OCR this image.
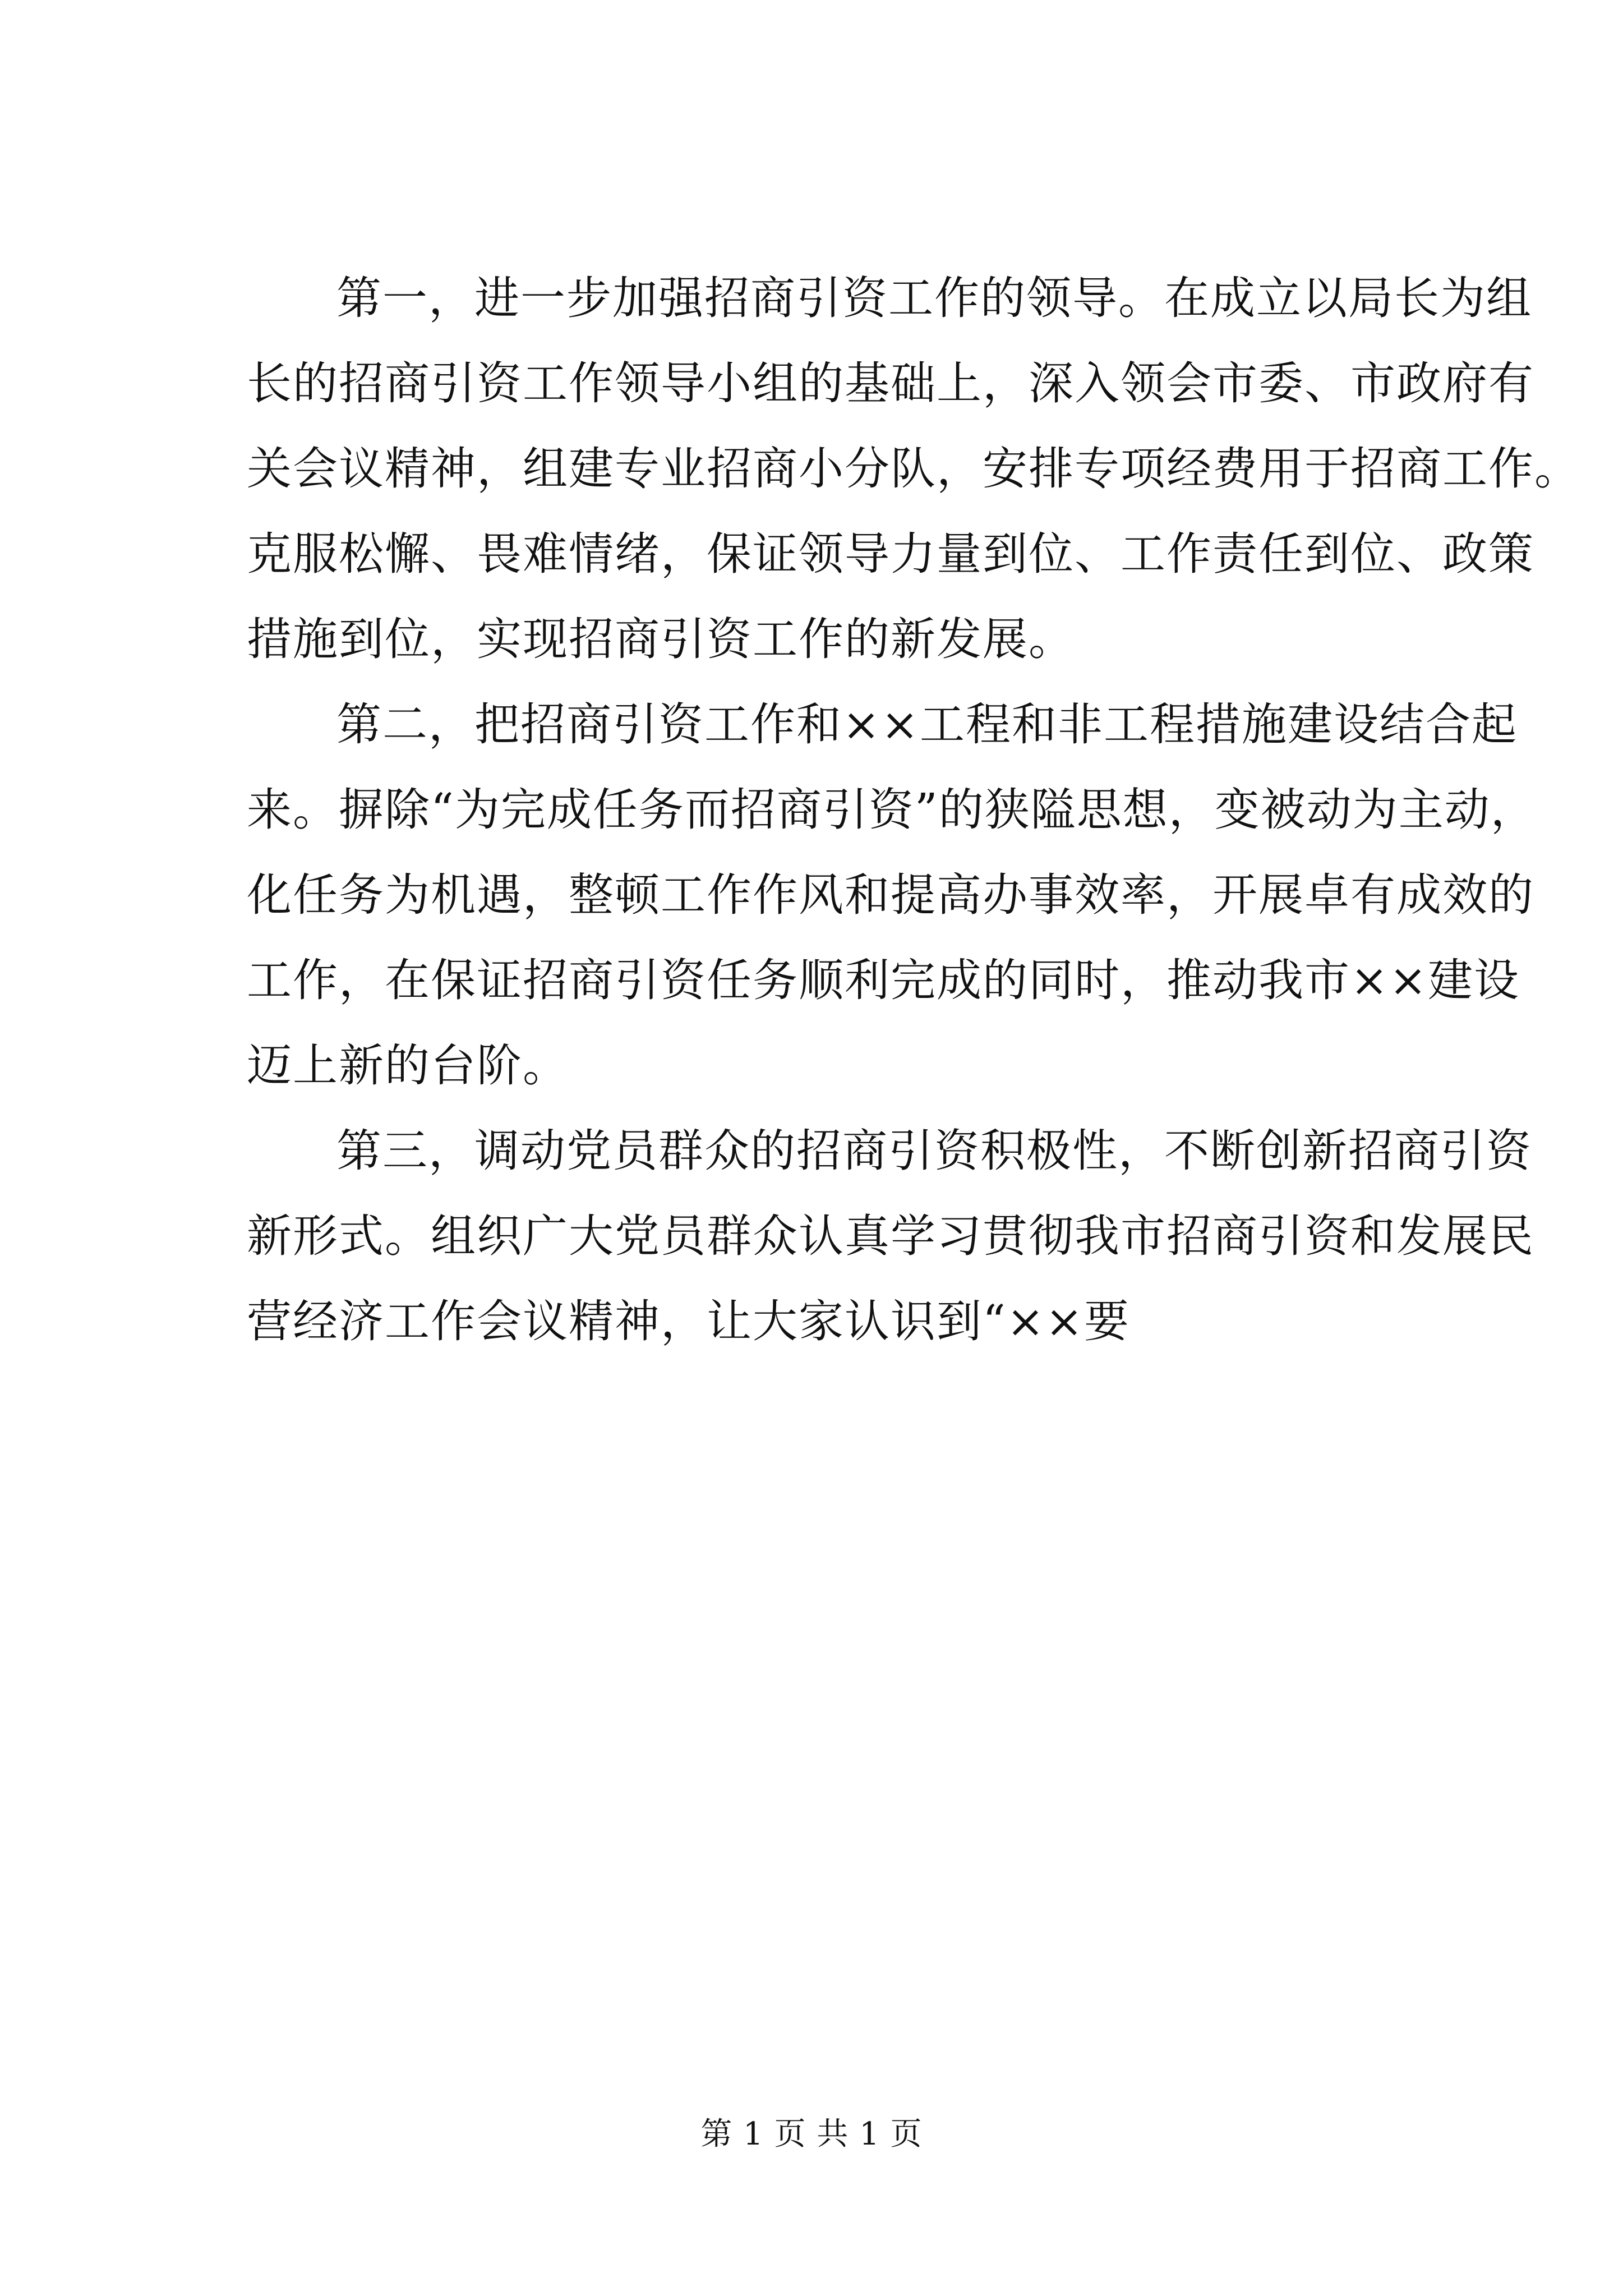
第一，进一步加强招商引资工作的领导。在成立以局长为组
长的招商引资工作领导小组的基础上，深入领会市委、市政府有
关会议精神，组建专业招商小分队，安排专项经费用于招商工作。
克服松懈、畏难情绪，保证领导力量到位、工作责任到位、政策
措施到位，实现招商引资工作的新发展。

第二，把招商引资工作和××工程和非工程措施建设结合起
来。摒除“为完成任务而招商引资”的狭隘思想，变被动为主动，
化任务为机遇，整顿工作作风和提高办事效率，开展卓有成效的
工作，在保证招商引资任务顺利完成的同时，推动我市××建设
迈上新的台阶。

第三，调动党员群众的招商引资积极性，不断创新招商引资
新形式。组织广大党员群众认真学习贯彻我市招商引资和发展民
营经济工作会议精神，让大家认识到“××要

第 1 页 共 1 页
